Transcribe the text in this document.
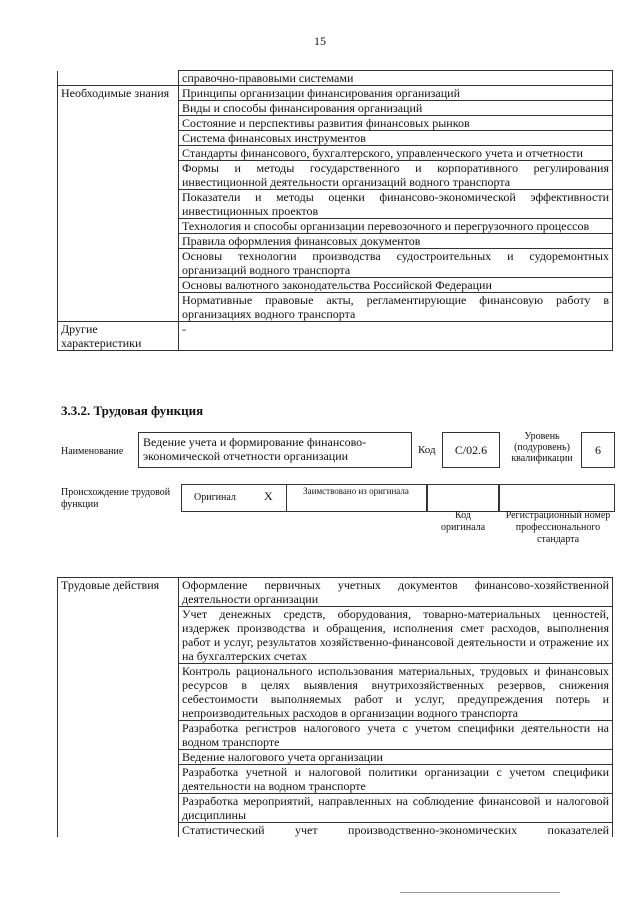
15
	справочно-правовыми системами
Необходимые знания	Принципы организации финансирования организаций
	Виды и способы финансирования организаций
	Состояние и перспективы развития финансовых рынков
	Система финансовых инструментов
	Стандарты финансового, бухгалтерского, управленческого учета и отчетности
	Формы и методы государственного и корпоративного регулирования инвестиционной деятельности организаций водного транспорта
	Показатели и методы оценки финансово-экономической эффективности инвестиционных проектов
	Технология и способы организации перевозочного и перегрузочного процессов
	Правила оформления финансовых документов
	Основы технологии производства судостроительных и судоремонтных организаций водного транспорта
	Основы валютного законодательства Российской Федерации
	Нормативные правовые акты, регламентирующие финансовую работу в организациях водного транспорта
Другие характеристики	-
3.3.2. Трудовая функция
Наименование
Ведение учета и формирование финансово-экономической отчетности организации	Код	С/02.6
Уровень (подуровень) квалификации
6
Происхождение трудовой функции
Оригинал X	Заимствовано из оригинала
Код оригинала
Регистрационный номер профессионального стандарта
Трудовые действия	Оформление первичных учетных документов финансово-хозяйственной деятельности организации
Учет денежных средств, оборудования, товарно-материальных ценностей, издержек производства и обращения, исполнения смет расходов, выполнения работ и услуг, результатов хозяйственно-финансовой деятельности и отражение их на бухгалтерских счетах
Контроль рационального использования материальных, трудовых и финансовых ресурсов в целях выявления внутрихозяйственных резервов, снижения себестоимости выполняемых работ и услуг, предупреждения потерь и непроизводительных расходов в организации водного транспорта
Разработка регистров налогового учета с учетом специфики деятельности на водном транспорте
Ведение налогового учета организации
Разработка учетной и налоговой политики организации с учетом специфики деятельности на водном транспорте
Разработка мероприятий, направленных на соблюдение финансовой и налоговой дисциплины
Статистический учет производственно-экономических показателей
